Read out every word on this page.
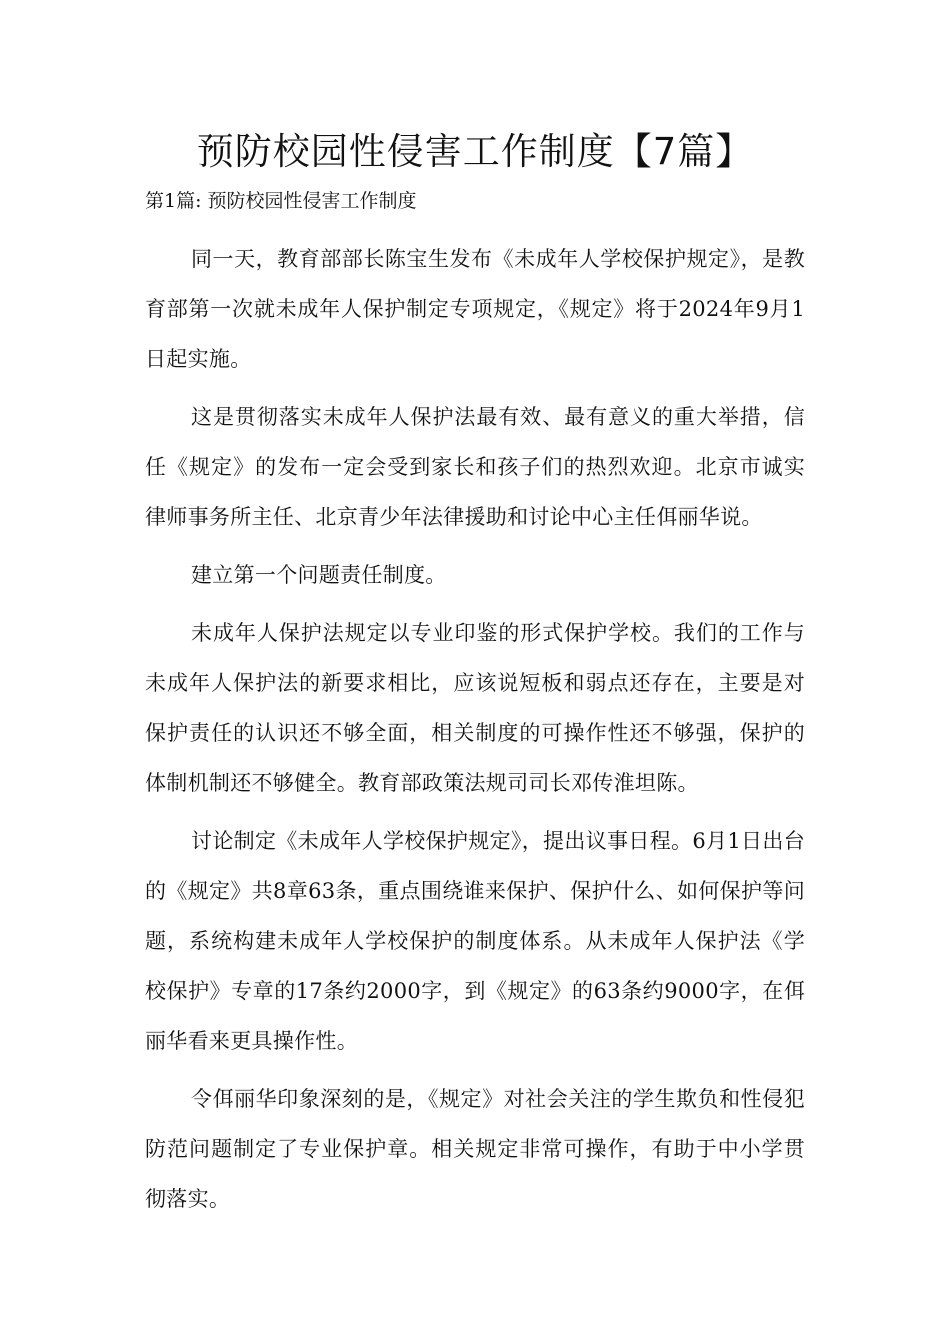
预防校园性侵害工作制度【7篇】

第1篇: 预防校园性侵害工作制度

同一天，教育部部长陈宝生发布《未成年人学校保护规定》，是教育部第一次就未成年人保护制定专项规定，《规定》将于2024年9月1日起实施。

这是贯彻落实未成年人保护法最有效、最有意义的重大举措，信任《规定》的发布一定会受到家长和孩子们的热烈欢迎。北京市诚实律师事务所主任、北京青少年法律援助和讨论中心主任佴丽华说。

建立第一个问题责任制度。

未成年人保护法规定以专业印鉴的形式保护学校。我们的工作与未成年人保护法的新要求相比，应该说短板和弱点还存在，主要是对保护责任的认识还不够全面，相关制度的可操作性还不够强，保护的体制机制还不够健全。教育部政策法规司司长邓传淮坦陈。

讨论制定《未成年人学校保护规定》，提出议事日程。6月1日出台的《规定》共8章63条，重点围绕谁来保护、保护什么、如何保护等问题，系统构建未成年人学校保护的制度体系。从未成年人保护法《学校保护》专章的17条约2000字，到《规定》的63条约9000字，在佴丽华看来更具操作性。

令佴丽华印象深刻的是，《规定》对社会关注的学生欺负和性侵犯防范问题制定了专业保护章。相关规定非常可操作，有助于中小学贯彻落实。
